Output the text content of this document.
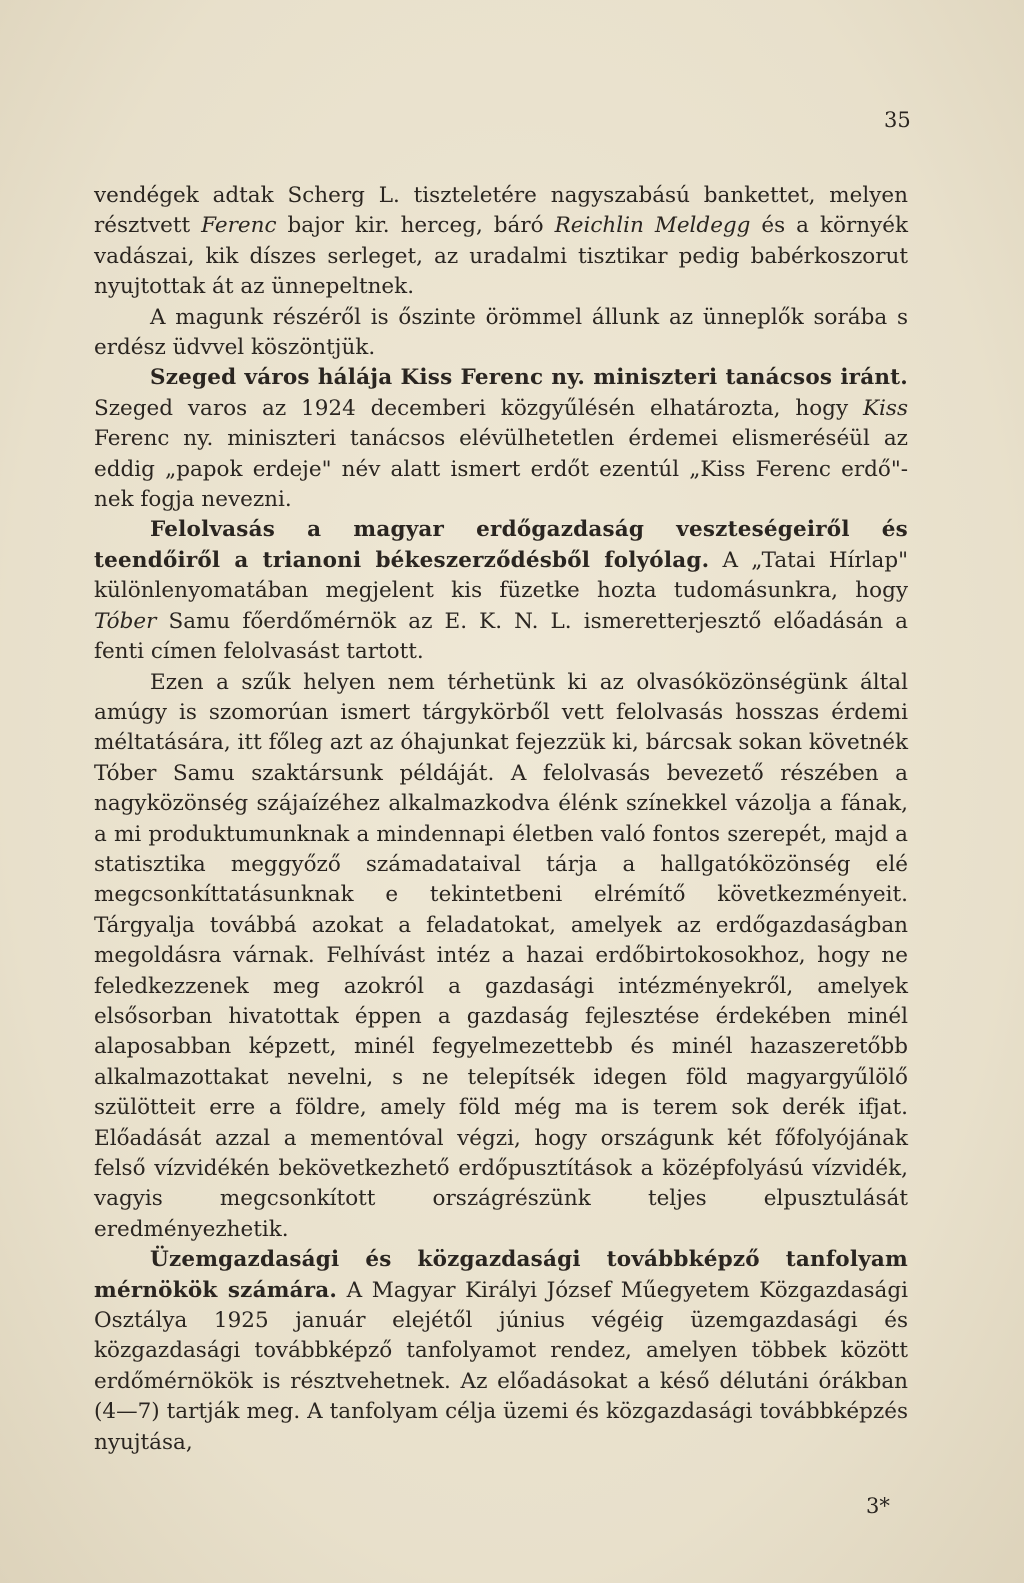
35

vendégek adtak Scherg L. tiszteletére nagyszabású bankettet, melyen résztvett Ferenc bajor kir. herceg, báró Reichlin Meldegg és a környék vadászai, kik díszes serleget, az uradalmi tisztikar pedig babérkoszorut nyujtottak át az ünnepeltnek.

A magunk részéről is őszinte örömmel állunk az ünneplők sorába s erdész üdvvel köszöntjük.

Szeged város hálája Kiss Ferenc ny. miniszteri tanácsos iránt. Szeged varos az 1924 decemberi közgyűlésén elhatározta, hogy Kiss Ferenc ny. miniszteri tanácsos elévülhetetlen érdemei elismeréséül az eddig „papok erdeje" név alatt ismert erdőt ezentúl „Kiss Ferenc erdő"-nek fogja nevezni.

Felolvasás a magyar erdőgazdaság veszteségeiről és teendőiről a trianoni békeszerződésből folyólag. A „Tatai Hírlap" különlenyomatában megjelent kis füzetke hozta tudomásunkra, hogy Tóber Samu főerdőmérnök az E. K. N. L. ismeretterjesztő előadásán a fenti címen felolvasást tartott.

Ezen a szűk helyen nem térhetünk ki az olvasóközönségünk által amúgy is szomorúan ismert tárgykörből vett felolvasás hosszas érdemi méltatására, itt főleg azt az óhajunkat fejezzük ki, bárcsak sokan követnék Tóber Samu szaktársunk példáját. A felolvasás bevezető részében a nagyközönség szájaízéhez alkalmazkodva élénk színekkel vázolja a fának, a mi produktumunknak a mindennapi életben való fontos szerepét, majd a statisztika meggyőző számadataival tárja a hallgatóközönség elé megcsonkíttatásunknak e tekintetbeni elrémítő következményeit. Tárgyalja továbbá azokat a feladatokat, amelyek az erdőgazdaságban megoldásra várnak. Felhívást intéz a hazai erdőbirtokosokhoz, hogy ne feledkezzenek meg azokról a gazdasági intézményekről, amelyek elsősorban hivatottak éppen a gazdaság fejlesztése érdekében minél alaposabban képzett, minél fegyelmezettebb és minél hazaszeretőbb alkalmazottakat nevelni, s ne telepítsék idegen föld magyargyűlölő szülötteit erre a földre, amely föld még ma is terem sok derék ifjat. Előadását azzal a mementóval végzi, hogy országunk két főfolyójának felső vízvidékén bekövetkezhető erdőpusztítások a középfolyású vízvidék, vagyis megcsonkított országrészünk teljes elpusztulását eredményezhetik.

Üzemgazdasági és közgazdasági továbbképző tanfolyam mérnökök számára. A Magyar Királyi József Műegyetem Közgazdasági Osztálya 1925 január elejétől június végéig üzemgazdasági és közgazdasági továbbképző tanfolyamot rendez, amelyen többek között erdőmérnökök is résztvehetnek. Az előadásokat a késő délutáni órákban (4—7) tartják meg. A tanfolyam célja üzemi és közgazdasági továbbképzés nyujtása,

3*
